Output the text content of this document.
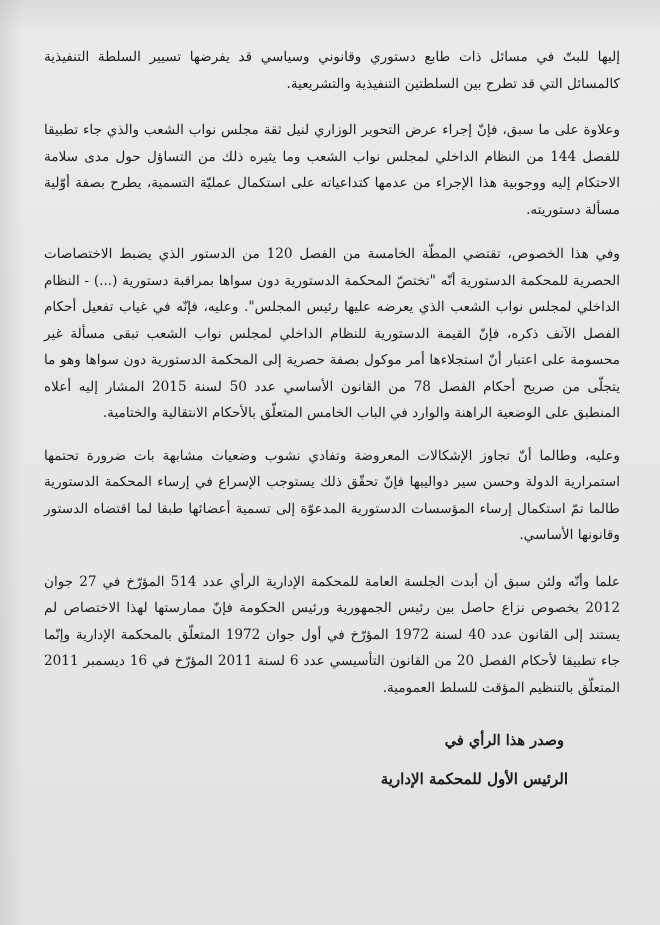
إليها للبتّ في مسائل ذات طابع دستوري وقانوني وسياسي قد يفرضها تسيير السلطة التنفيذية كالمسائل التي قد تطرح بين السلطتين التنفيذية والتشريعية.

وعلاوة على ما سبق، فإنّ إجراء عرض التحوير الوزاري لنيل ثقة مجلس نواب الشعب والذي جاء تطبيقا للفصل 144 من النظام الداخلي لمجلس نواب الشعب وما يثيره ذلك من التساؤل حول مدى سلامة الاحتكام إليه ووجوبية هذا الإجراء من عدمها كتداعياته على استكمال عمليّة التسمية، يطرح بصفة أوّلية مسألة دستوريته.

وفي هذا الخصوص، تقتضي المطّة الخامسة من الفصل 120 من الدستور الذي يضبط الاختصاصات الحصرية للمحكمة الدستورية أنّه "تختصّ المحكمة الدستورية دون سواها بمراقبة دستورية (...) - النظام الداخلي لمجلس نواب الشعب الذي يعرضه عليها رئيس المجلس". وعليه، فإنّه في غياب تفعيل أحكام الفصل الآنف ذكره، فإنّ القيمة الدستورية للنظام الداخلي لمجلس نواب الشعب تبقى مسألة غير محسومة على اعتبار أنّ استجلاءها أمر موكول بصفة حصرية إلى المحكمة الدستورية دون سواها وهو ما يتجلّى من صريح أحكام الفصل 78 من القانون الأساسي عدد 50 لسنة 2015 المشار إليه أعلاه المنطبق على الوضعية الراهنة والوارد في الباب الخامس المتعلّق بالأحكام الانتقالية والختامية.

وعليه، وطالما أنّ تجاوز الإشكالات المعروضة وتفادي نشوب وضعيات مشابهة بات ضرورة تحتمها استمرارية الدولة وحسن سير دواليبها فإنّ تحقّق ذلك يستوجب الإسراع في إرساء المحكمة الدستورية طالما تمّ استكمال إرساء المؤسسات الدستورية المدعوّة إلى تسمية أعضائها طبقا لما اقتضاه الدستور وقانونها الأساسي.

علما وأنّه ولئن سبق أن أبدت الجلسة العامة للمحكمة الإدارية الرأي عدد 514 المؤرّخ في 27 جوان 2012 بخصوص نزاع حاصل بين رئيس الجمهورية ورئيس الحكومة فإنّ ممارستها لهذا الاختصاص لم يستند إلى القانون عدد 40 لسنة 1972 المؤرّخ في أول جوان 1972 المتعلّق بالمحكمة الإدارية وإنّما جاء تطبيقا لأحكام الفصل 20 من القانون التأسيسي عدد 6 لسنة 2011 المؤرّخ في 16 ديسمبر 2011 المتعلّق بالتنظيم المؤقت للسلط العمومية.

وصدر هذا الرأي في
الرئيس الأول للمحكمة الإدارية
